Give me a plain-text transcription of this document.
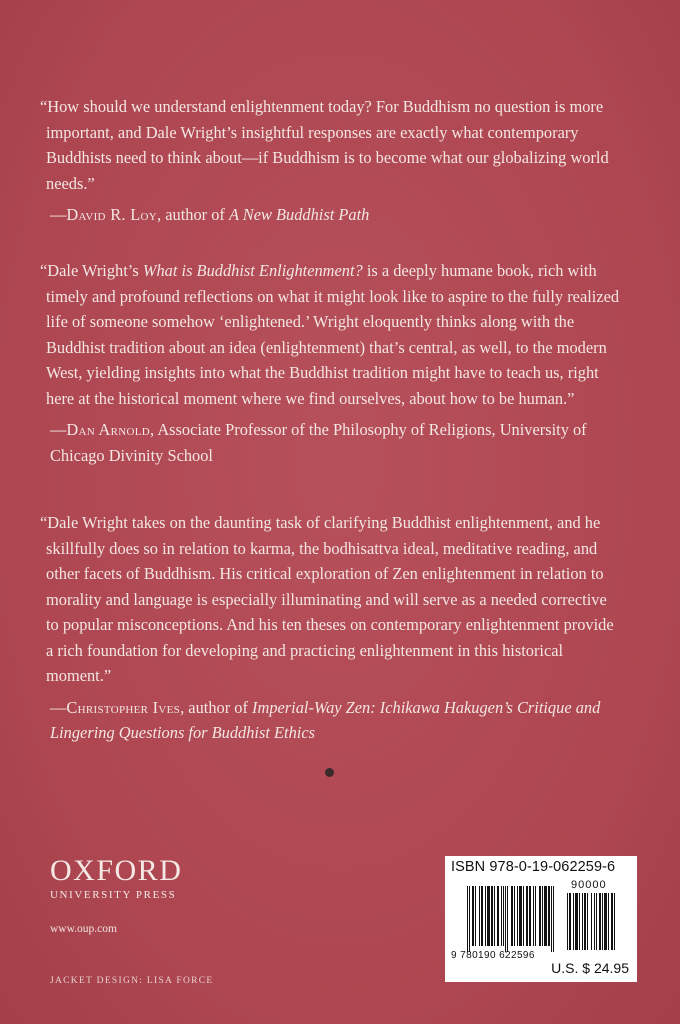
“How should we understand enlightenment today? For Buddhism no question is more important, and Dale Wright’s insightful responses are exactly what contemporary Buddhists need to think about—if Buddhism is to become what our globalizing world needs.”

—David R. Loy, author of A New Buddhist Path

“Dale Wright’s What is Buddhist Enlightenment? is a deeply humane book, rich with timely and profound reflections on what it might look like to aspire to the fully realized life of someone somehow ‘enlightened.’ Wright eloquently thinks along with the Buddhist tradition about an idea (enlightenment) that’s central, as well, to the modern West, yielding insights into what the Buddhist tradition might have to teach us, right here at the historical moment where we find ourselves, about how to be human.”

—Dan Arnold, Associate Professor of the Philosophy of Religions, University of Chicago Divinity School

“Dale Wright takes on the daunting task of clarifying Buddhist enlightenment, and he skillfully does so in relation to karma, the bodhisattva ideal, meditative reading, and other facets of Buddhism. His critical exploration of Zen enlightenment in relation to morality and language is especially illuminating and will serve as a needed corrective to popular misconceptions. And his ten theses on contemporary enlightenment provide a rich foundation for developing and practicing enlightenment in this historical moment.”

—Christopher Ives, author of Imperial-Way Zen: Ichikawa Hakugen’s Critique and Lingering Questions for Buddhist Ethics

OXFORD
UNIVERSITY PRESS
www.oup.com
JACKET DESIGN: LISA FORCE
ISBN 978-0-19-062259-6
90000
9 780190 622596
U.S. $ 24.95
